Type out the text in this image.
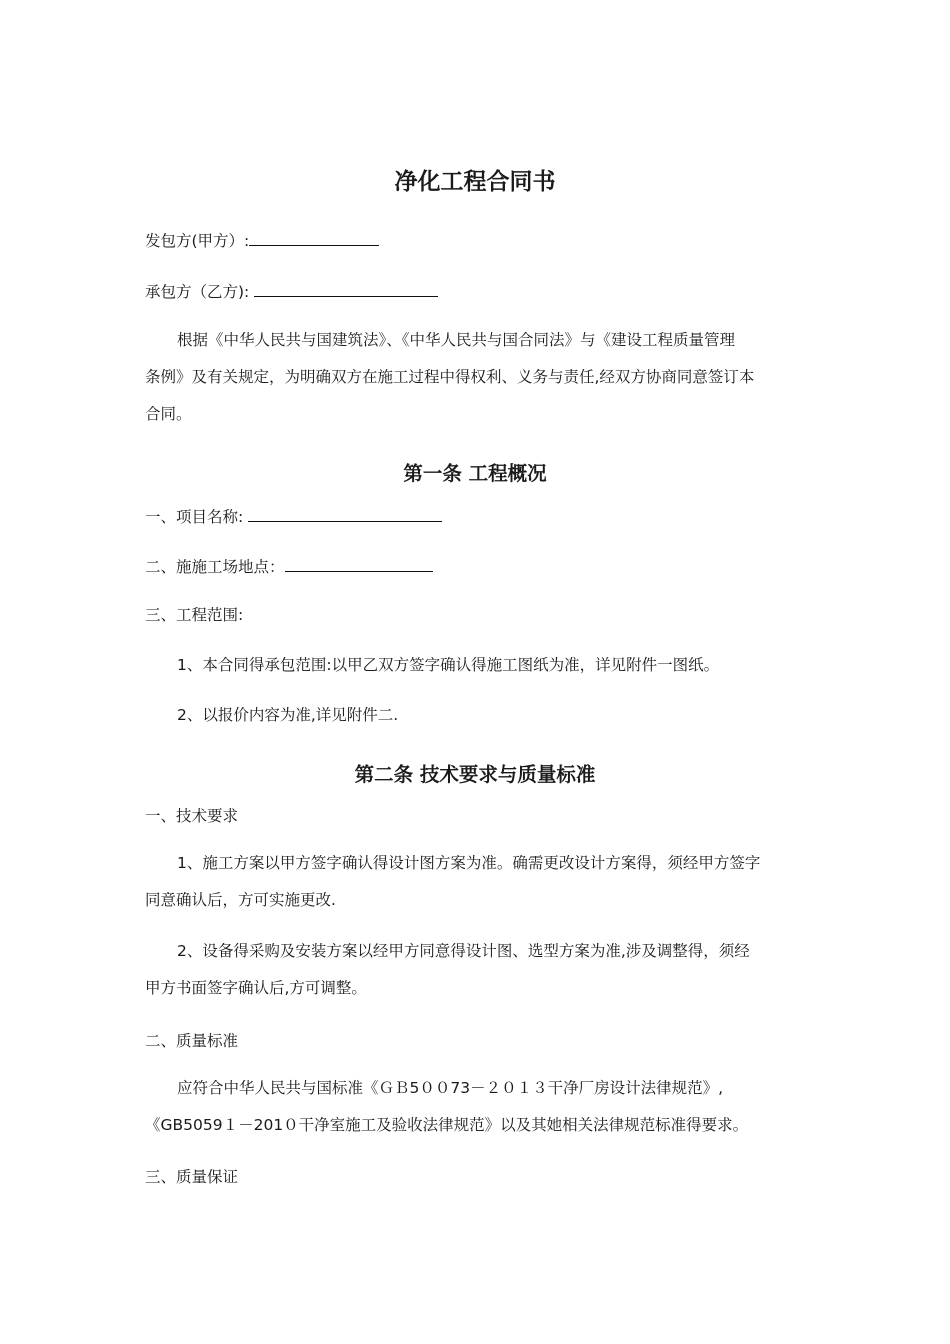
净化工程合同书
发包方(甲方）:
承包方（乙方):
根据《中华人民共与国建筑法》、《中华人民共与国合同法》与《建设工程质量管理
条例》及有关规定，为明确双方在施工过程中得权利、义务与责任,经双方协商同意签订本
合同。
第一条 工程概况
一、项目名称:
二、施施工场地点：
三、工程范围:
1、本合同得承包范围:以甲乙双方签字确认得施工图纸为准，详见附件一图纸。
2、以报价内容为准,详见附件二.
第二条 技术要求与质量标准
一、技术要求
1、施工方案以甲方签字确认得设计图方案为准。确需更改设计方案得，须经甲方签字
同意确认后，方可实施更改.
2、设备得采购及安装方案以经甲方同意得设计图、选型方案为准,涉及调整得，须经
甲方书面签字确认后,方可调整。
二、质量标准
应符合中华人民共与国标准《ＧＢ5００73－２０１３干净厂房设计法律规范》,
《GB5059１－201０干净室施工及验收法律规范》以及其她相关法律规范标准得要求。
三、质量保证
